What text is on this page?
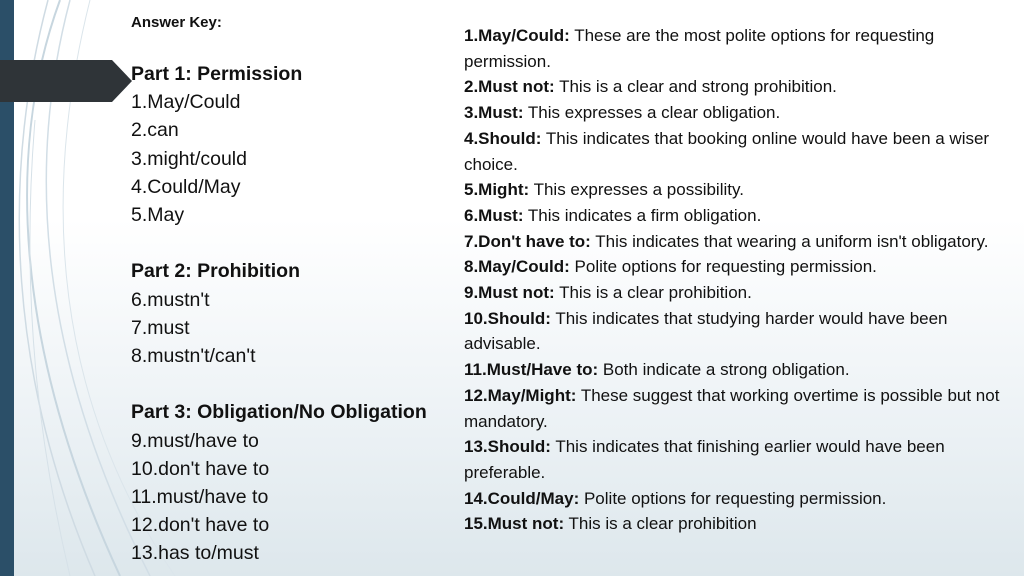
Answer Key:
Part 1: Permission
1.May/Could
2.can
3.might/could
4.Could/May
5.May
Part 2: Prohibition
6.mustn't
7.must
8.mustn't/can't
Part 3: Obligation/No Obligation
9.must/have to
10.don't have to
11.must/have to
12.don't have to
13.has to/must
1.May/Could: These are the most polite options for requesting permission.
2.Must not: This is a clear and strong prohibition.
3.Must: This expresses a clear obligation.
4.Should: This indicates that booking online would have been a wiser choice.
5.Might: This expresses a possibility.
6.Must: This indicates a firm obligation.
7.Don't have to: This indicates that wearing a uniform isn't obligatory.
8.May/Could: Polite options for requesting permission.
9.Must not: This is a clear prohibition.
10.Should: This indicates that studying harder would have been advisable.
11.Must/Have to: Both indicate a strong obligation.
12.May/Might: These suggest that working overtime is possible but not mandatory.
13.Should: This indicates that finishing earlier would have been preferable.
14.Could/May: Polite options for requesting permission.
15.Must not: This is a clear prohibition
